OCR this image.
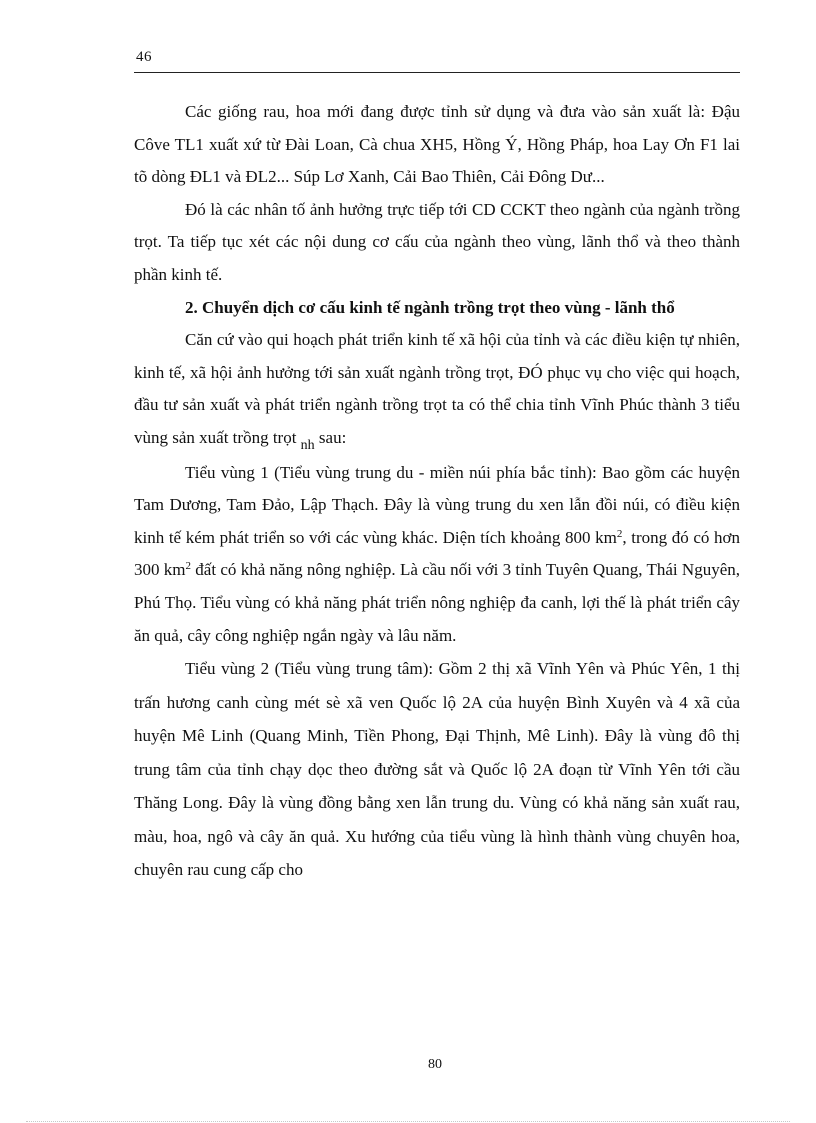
46

Các giống rau, hoa mới đang được tỉnh sử dụng và đưa vào sản xuất là: Đậu Côve TL1 xuất xứ từ Đài Loan, Cà chua XH5, Hồng Ý, Hồng Pháp, hoa Lay Ơn F1 lai tõ dòng ĐL1 và ĐL2... Súp Lơ Xanh, Cải Bao Thiên, Cải Đông Dư...

Đó là các nhân tố ảnh hưởng trực tiếp tới CD CCKT theo ngành của ngành trồng trọt. Ta tiếp tục xét các nội dung cơ cấu của ngành theo vùng, lãnh thổ và theo thành phần kinh tế.

2. Chuyển dịch cơ cấu kinh tế ngành trồng trọt theo vùng - lãnh thổ

Căn cứ vào qui hoạch phát triển kinh tế xã hội của tỉnh và các điều kiện tự nhiên, kinh tế, xã hội ảnh hưởng tới sản xuất ngành trồng trọt, ĐÓ phục vụ cho việc qui hoạch, đầu tư sản xuất và phát triển ngành trồng trọt ta có thể chia tỉnh Vĩnh Phúc thành 3 tiểu vùng sản xuất trồng trọt $_{nh}$ sau:

Tiểu vùng 1 (Tiểu vùng trung du - miền núi phía bắc tỉnh): Bao gồm các huyện Tam Dương, Tam Đảo, Lập Thạch. Đây là vùng trung du xen lẫn đồi núi, có điều kiện kinh tế kém phát triển so với các vùng khác. Diện tích khoảng 800 $km^2$, trong đó có hơn 300 $km^2$ đất có khả năng nông nghiệp. Là cầu nối với 3 tỉnh Tuyên Quang, Thái Nguyên, Phú Thọ. Tiểu vùng có khả năng phát triển nông nghiệp đa canh, lợi thế là phát triển cây ăn quả, cây công nghiệp ngắn ngày và lâu năm.

Tiểu vùng 2 (Tiểu vùng trung tâm): Gồm 2 thị xã Vĩnh Yên và Phúc Yên, 1 thị trấn hương canh cùng mét sè xã ven Quốc lộ 2A của huyện Bình Xuyên và 4 xã của huyện Mê Linh (Quang Minh, Tiền Phong, Đại Thịnh, Mê Linh). Đây là vùng đô thị trung tâm của tỉnh chạy dọc theo đường sắt và Quốc lộ 2A đoạn từ Vĩnh Yên tới cầu Thăng Long. Đây là vùng đồng bằng xen lẫn trung du. Vùng có khả năng sản xuất rau, màu, hoa, ngô và cây ăn quả. Xu hướng của tiểu vùng là hình thành vùng chuyên hoa, chuyên rau cung cấp cho

80
